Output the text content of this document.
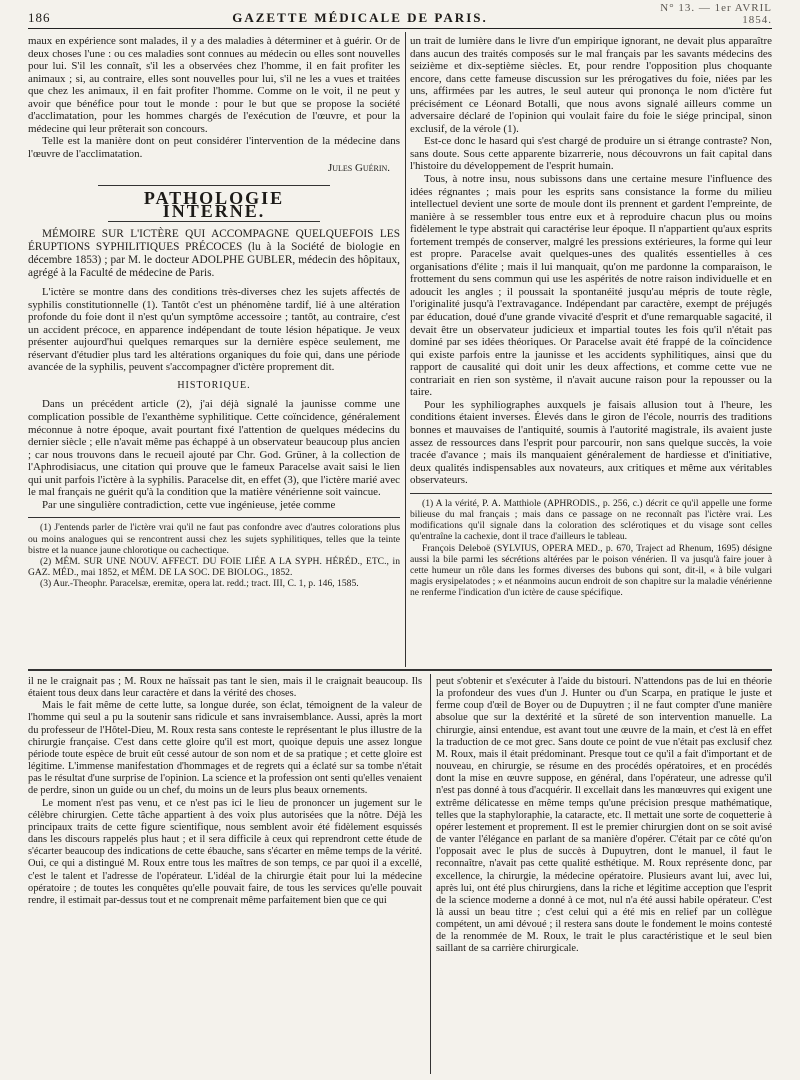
186	GAZETTE MÉDICALE DE PARIS.
N° 13. — 1er AVRIL 1854.

maux en expérience sont malades, il y a des maladies à déterminer et à guérir. Or de deux choses l'une : ou ces maladies sont connues au médecin ou elles sont nouvelles pour lui. S'il les connaît, s'il les a observées chez l'homme, il en fait profiter les animaux ; si, au contraire, elles sont nouvelles pour lui, s'il ne les a vues et traitées que chez les animaux, il en fait profiter l'homme. Comme on le voit, il ne peut y avoir que bénéfice pour tout le monde : pour le but que se propose la société d'acclimatation, pour les hommes chargés de l'exécution de l'œuvre, et pour la médecine qui leur prêterait son concours.

Telle est la manière dont on peut considérer l'intervention de la médecine dans l'œuvre de l'acclimatation.

Jules Guérin.

PATHOLOGIE INTERNE.

MÉMOIRE SUR L'ICTÈRE QUI ACCOMPAGNE QUELQUEFOIS LES ÉRUPTIONS SYPHILITIQUES PRÉCOCES (lu à la Société de biologie en décembre 1853) ; par M. le docteur ADOLPHE GUBLER, médecin des hôpitaux, agrégé à la Faculté de médecine de Paris.

L'ictère se montre dans des conditions très-diverses chez les sujets affectés de syphilis constitutionnelle (1). Tantôt c'est un phénomène tardif, lié à une altération profonde du foie dont il n'est qu'un symptôme accessoire ; tantôt, au contraire, c'est un accident précoce, en apparence indépendant de toute lésion hépatique. Je veux présenter aujourd'hui quelques remarques sur la dernière espèce seulement, me réservant d'étudier plus tard les altérations organiques du foie qui, dans une période avancée de la syphilis, peuvent s'accompagner d'ictère proprement dit.

HISTORIQUE.

Dans un précédent article (2), j'ai déjà signalé la jaunisse comme une complication possible de l'exanthème syphilitique. Cette coïncidence, généralement méconnue à notre époque, avait pourtant fixé l'attention de quelques médecins du dernier siècle ; elle n'avait même pas échappé à un observateur beaucoup plus ancien ; car nous trouvons dans le recueil ajouté par Chr. God. Grüner, à la collection de l'Aphrodisiacus, une citation qui prouve que le fameux Paracelse avait saisi le lien qui unit parfois l'ictère à la syphilis. Paracelse dit, en effet (3), que l'ictère marié avec le mal français ne guérit qu'à la condition que la matière vénérienne soit vaincue.

Par une singulière contradiction, cette vue ingénieuse, jetée comme

(1) J'entends parler de l'ictère vrai qu'il ne faut pas confondre avec d'autres colorations plus ou moins analogues qui se rencontrent aussi chez les sujets syphilitiques, telles que la teinte bistre et la nuance jaune chlorotique ou cachectique.

(2) MÉM. SUR UNE NOUV. AFFECT. DU FOIE LIÉE A LA SYPH. HÉRÉD., ETC., in GAZ. MÉD., mai 1852, et MÉM. DE LA SOC. DE BIOLOG., 1852.

(3) Aur.-Theophr. Paracelsæ, eremitæ, opera lat. redd.; tract. III, C. 1, p. 146, 1585.

un trait de lumière dans le livre d'un empirique ignorant, ne devait plus apparaître dans aucun des traités composés sur le mal français par les savants médecins des seizième et dix-septième siècles. Et, pour rendre l'opposition plus choquante encore, dans cette fameuse discussion sur les prérogatives du foie, niées par les uns, affirmées par les autres, le seul auteur qui prononça le nom d'ictère fut précisément ce Léonard Botalli, que nous avons signalé ailleurs comme un adversaire déclaré de l'opinion qui voulait faire du foie le siége principal, sinon exclusif, de la vérole (1).

Est-ce donc le hasard qui s'est chargé de produire un si étrange contraste? Non, sans doute. Sous cette apparente bizarrerie, nous découvrons un fait capital dans l'histoire du développement de l'esprit humain.

Tous, à notre insu, nous subissons dans une certaine mesure l'influence des idées régnantes ; mais pour les esprits sans consistance la forme du milieu intellectuel devient une sorte de moule dont ils prennent et gardent l'empreinte, de manière à se ressembler tous entre eux et à reproduire chacun plus ou moins fidèlement le type abstrait qui caractérise leur époque. Il n'appartient qu'aux esprits fortement trempés de conserver, malgré les pressions extérieures, la forme qui leur est propre. Paracelse avait quelques-unes des qualités essentielles à ces organisations d'élite ; mais il lui manquait, qu'on me pardonne la comparaison, le frottement du sens commun qui use les aspérités de notre raison individuelle et en adoucit les angles ; il poussait la spontanéité jusqu'au mépris de toute règle, l'originalité jusqu'à l'extravagance. Indépendant par caractère, exempt de préjugés par éducation, doué d'une grande vivacité d'esprit et d'une remarquable sagacité, il devait être un observateur judicieux et impartial toutes les fois qu'il n'était pas dominé par ses idées théoriques. Or Paracelse avait été frappé de la coïncidence qui existe parfois entre la jaunisse et les accidents syphilitiques, ainsi que du rapport de causalité qui doit unir les deux affections, et comme cette vue ne contrariait en rien son système, il n'avait aucune raison pour la repousser ou la taire.

Pour les syphiliographes auxquels je faisais allusion tout à l'heure, les conditions étaient inverses. Élevés dans le giron de l'école, nourris des traditions bonnes et mauvaises de l'antiquité, soumis à l'autorité magistrale, ils avaient juste assez de ressources dans l'esprit pour parcourir, non sans quelque succès, la voie tracée d'avance ; mais ils manquaient généralement de hardiesse et d'initiative, deux qualités indispensables aux novateurs, aux critiques et même aux véritables observateurs.

(1) A la vérité, P. A. Matthiole (APHRODIS., p. 256, c.) décrit ce qu'il appelle une forme bilieuse du mal français ; mais dans ce passage on ne reconnaît pas l'ictère vrai. Les modifications qu'il signale dans la coloration des sclérotiques et du visage sont celles qu'entraîne la cachexie, dont il trace d'ailleurs le tableau.

François Deleboë (SYLVIUS, OPERA MED., p. 670, Traject ad Rhenum, 1695) désigne aussi la bile parmi les sécrétions altérées par le poison vénérien. Il va jusqu'à faire jouer à cette humeur un rôle dans les formes diverses des bubons qui sont, dit-il, « à bile vulgari magis erysipelatodes ; » et néanmoins aucun endroit de son chapitre sur la maladie vénérienne ne renferme l'indication d'un ictère de cause spécifique.

il ne le craignait pas ; M. Roux ne haïssait pas tant le sien, mais il le craignait beaucoup. Ils étaient tous deux dans leur caractère et dans la vérité des choses.

Mais le fait même de cette lutte, sa longue durée, son éclat, témoignent de la valeur de l'homme qui seul a pu la soutenir sans ridicule et sans invraisemblance. Aussi, après la mort du professeur de l'Hôtel-Dieu, M. Roux resta sans conteste le représentant le plus illustre de la chirurgie française. C'est dans cette gloire qu'il est mort, quoique depuis une assez longue période toute espèce de bruit eût cessé autour de son nom et de sa pratique ; et cette gloire est légitime. L'immense manifestation d'hommages et de regrets qui a éclaté sur sa tombe n'était pas le résultat d'une surprise de l'opinion. La science et la profession ont senti qu'elles venaient de perdre, sinon un guide ou un chef, du moins un de leurs plus beaux ornements.

Le moment n'est pas venu, et ce n'est pas ici le lieu de prononcer un jugement sur le célèbre chirurgien. Cette tâche appartient à des voix plus autorisées que la nôtre. Déjà les principaux traits de cette figure scientifique, nous semblent avoir été fidèlement esquissés dans les discours rappelés plus haut ; et il sera difficile à ceux qui reprendront cette étude de s'écarter beaucoup des indications de cette ébauche, sans s'écarter en même temps de la vérité. Oui, ce qui a distingué M. Roux entre tous les maîtres de son temps, ce par quoi il a excellé, c'est le talent et l'adresse de l'opérateur. L'idéal de la chirurgie était pour lui la médecine opératoire ; de toutes les conquêtes qu'elle pouvait faire, de tous les services qu'elle pouvait rendre, il estimait par-dessus tout et ne comprenait même parfaitement bien que ce qui

peut s'obtenir et s'exécuter à l'aide du bistouri. N'attendons pas de lui en théorie la profondeur des vues d'un J. Hunter ou d'un Scarpa, en pratique le juste et ferme coup d'œil de Boyer ou de Dupuytren ; il ne faut compter d'une manière absolue que sur la dextérité et la sûreté de son intervention manuelle. La chirurgie, ainsi entendue, est avant tout une œuvre de la main, et c'est là en effet la traduction de ce mot grec. Sans doute ce point de vue n'était pas exclusif chez M. Roux, mais il était prédominant. Presque tout ce qu'il a fait d'important et de nouveau, en chirurgie, se résume en des procédés opératoires, et en procédés dont la mise en œuvre suppose, en général, dans l'opérateur, une adresse qu'il n'est pas donné à tous d'acquérir. Il excellait dans les manœuvres qui exigent une extrême délicatesse en même temps qu'une précision presque mathématique, telles que la staphyloraphie, la cataracte, etc. Il mettait une sorte de coquetterie à opérer lestement et proprement. Il est le premier chirurgien dont on se soit avisé de vanter l'élégance en parlant de sa manière d'opérer. C'était par ce côté qu'on l'opposait avec le plus de succès à Dupuytren, dont le manuel, il faut le reconnaître, n'avait pas cette qualité esthétique. M. Roux représente donc, par excellence, la chirurgie, la médecine opératoire. Plusieurs avant lui, avec lui, après lui, ont été plus chirurgiens, dans la riche et légitime acception que l'esprit de la science moderne a donné à ce mot, nul n'a été aussi habile opérateur. C'est là aussi un beau titre ; c'est celui qui a été mis en relief par un collègue compétent, un ami dévoué ; il restera sans doute le fondement le moins contesté de la renommée de M. Roux, le trait le plus caractéristique et le seul bien saillant de sa carrière chirurgicale.
